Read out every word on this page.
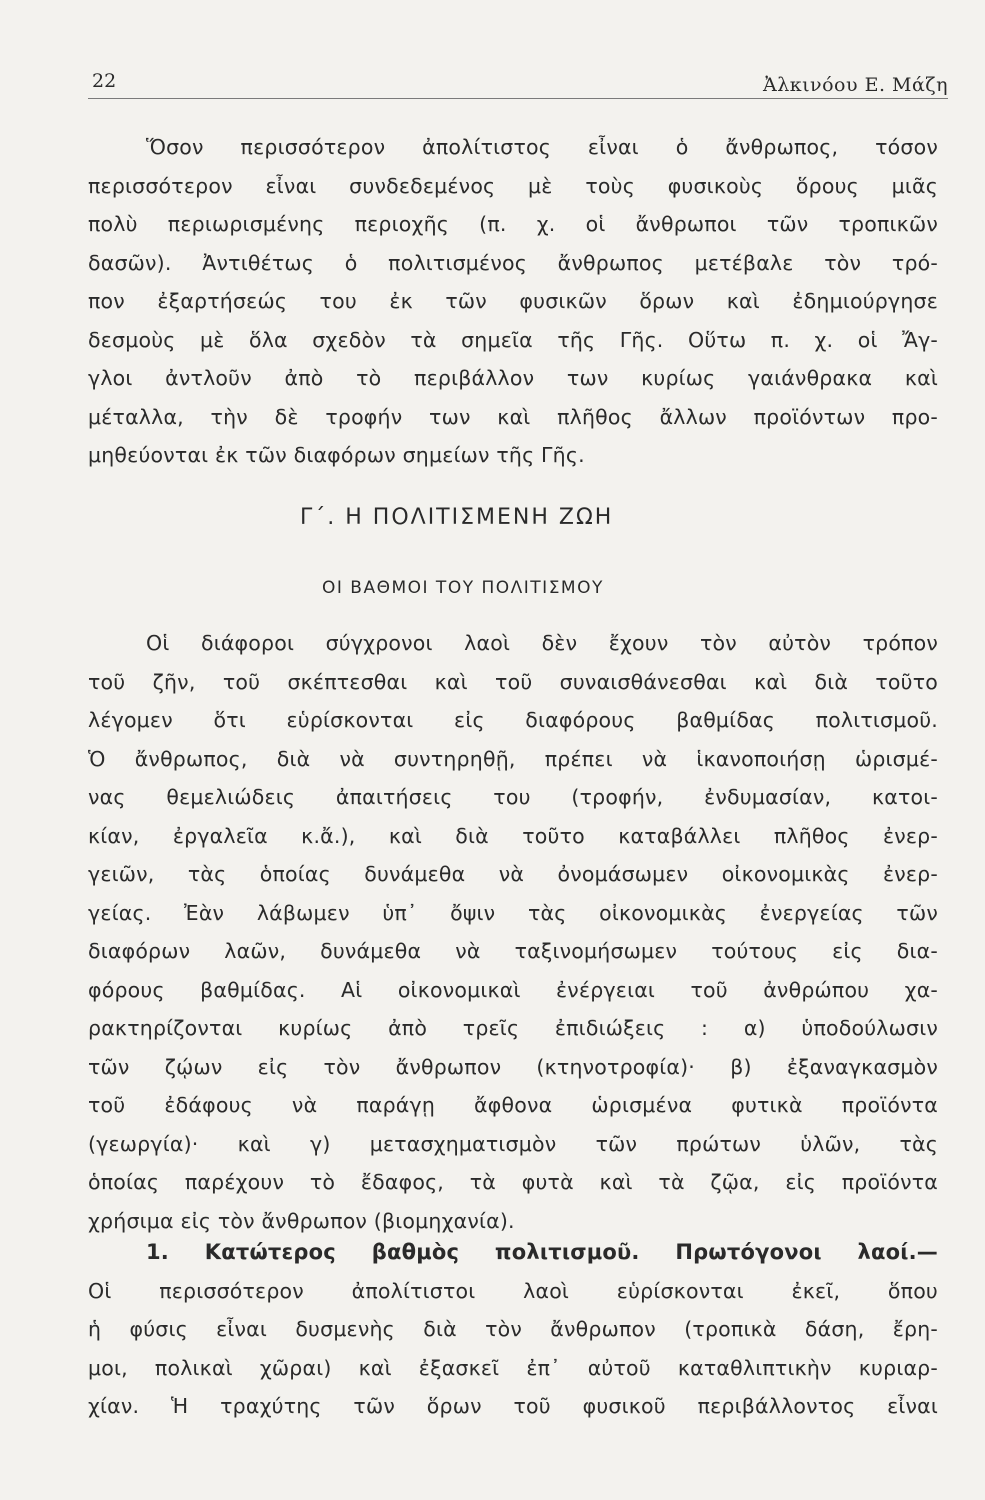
22	Ἀλκινόου Ε. Μάζη
Ὅσον περισσότερον ἀπολίτιστος εἶναι ὁ ἄνθρωπος, τόσον
περισσότερον εἶναι συνδεδεμένος μὲ τοὺς φυσικοὺς ὅρους μιᾶς
πολὺ περιωρισμένης περιοχῆς (π. χ. οἱ ἄνθρωποι τῶν τροπικῶν
δασῶν). Ἀντιθέτως ὁ πολιτισμένος ἄνθρωπος μετέβαλε τὸν τρό-
πον ἐξαρτήσεώς του ἐκ τῶν φυσικῶν ὅρων καὶ ἐδημιούργησε
δεσμοὺς μὲ ὅλα σχεδὸν τὰ σημεῖα τῆς Γῆς. Οὕτω π. χ. οἱ Ἄγ-
γλοι ἀντλοῦν ἀπὸ τὸ περιβάλλον των κυρίως γαιάνθρακα καὶ
μέταλλα, τὴν δὲ τροφήν των καὶ πλῆθος ἄλλων προϊόντων προ-
μηθεύονται ἐκ τῶν διαφόρων σημείων τῆς Γῆς.
Γ΄. Η ΠΟΛΙΤΙΣΜΕΝΗ ΖΩΗ
ΟΙ ΒΑΘΜΟΙ ΤΟΥ ΠΟΛΙΤΙΣΜΟΥ
Οἱ διάφοροι σύγχρονοι λαοὶ δὲν ἔχουν τὸν αὐτὸν τρόπον
τοῦ ζῆν, τοῦ σκέπτεσθαι καὶ τοῦ συναισθάνεσθαι καὶ διὰ τοῦτο
λέγομεν ὅτι εὑρίσκονται εἰς διαφόρους βαθμίδας πολιτισμοῦ.
Ὁ ἄνθρωπος, διὰ νὰ συντηρηθῇ, πρέπει νὰ ἱκανοποιήσῃ ὡρισμέ-
νας θεμελιώδεις ἀπαιτήσεις του (τροφήν, ἐνδυμασίαν, κατοι-
κίαν, ἐργαλεῖα κ.ἄ.), καὶ διὰ τοῦτο καταβάλλει πλῆθος ἐνερ-
γειῶν, τὰς ὁποίας δυνάμεθα νὰ ὀνομάσωμεν οἰκονομικὰς ἐνερ-
γείας. Ἐὰν λάβωμεν ὑπ᾽ ὄψιν τὰς οἰκονομικὰς ἐνεργείας τῶν
διαφόρων λαῶν, δυνάμεθα νὰ ταξινομήσωμεν τούτους εἰς δια-
φόρους βαθμίδας. Αἱ οἰκονομικαὶ ἐνέργειαι τοῦ ἀνθρώπου χα-
ρακτηρίζονται κυρίως ἀπὸ τρεῖς ἐπιδιώξεις : α) ὑποδούλωσιν
τῶν ζῴων εἰς τὸν ἄνθρωπον (κτηνοτροφία)· β) ἐξαναγκασμὸν
τοῦ ἐδάφους νὰ παράγῃ ἄφθονα ὡρισμένα φυτικὰ προϊόντα
(γεωργία)· καὶ γ) μετασχηματισμὸν τῶν πρώτων ὑλῶν, τὰς
ὁποίας παρέχουν τὸ ἔδαφος, τὰ φυτὰ καὶ τὰ ζῷα, εἰς προϊόντα
χρήσιμα εἰς τὸν ἄνθρωπον (βιομηχανία).
1. Κατώτερος βαθμὸς πολιτισμοῦ. Πρωτόγονοι λαοί.—
Οἱ περισσότερον ἀπολίτιστοι λαοὶ εὑρίσκονται ἐκεῖ, ὅπου
ἡ φύσις εἶναι δυσμενὴς διὰ τὸν ἄνθρωπον (τροπικὰ δάση, ἔρη-
μοι, πολικαὶ χῶραι) καὶ ἐξασκεῖ ἐπ᾽ αὐτοῦ καταθλιπτικὴν κυριαρ-
χίαν. Ἡ τραχύτης τῶν ὅρων τοῦ φυσικοῦ περιβάλλοντος εἶναι
